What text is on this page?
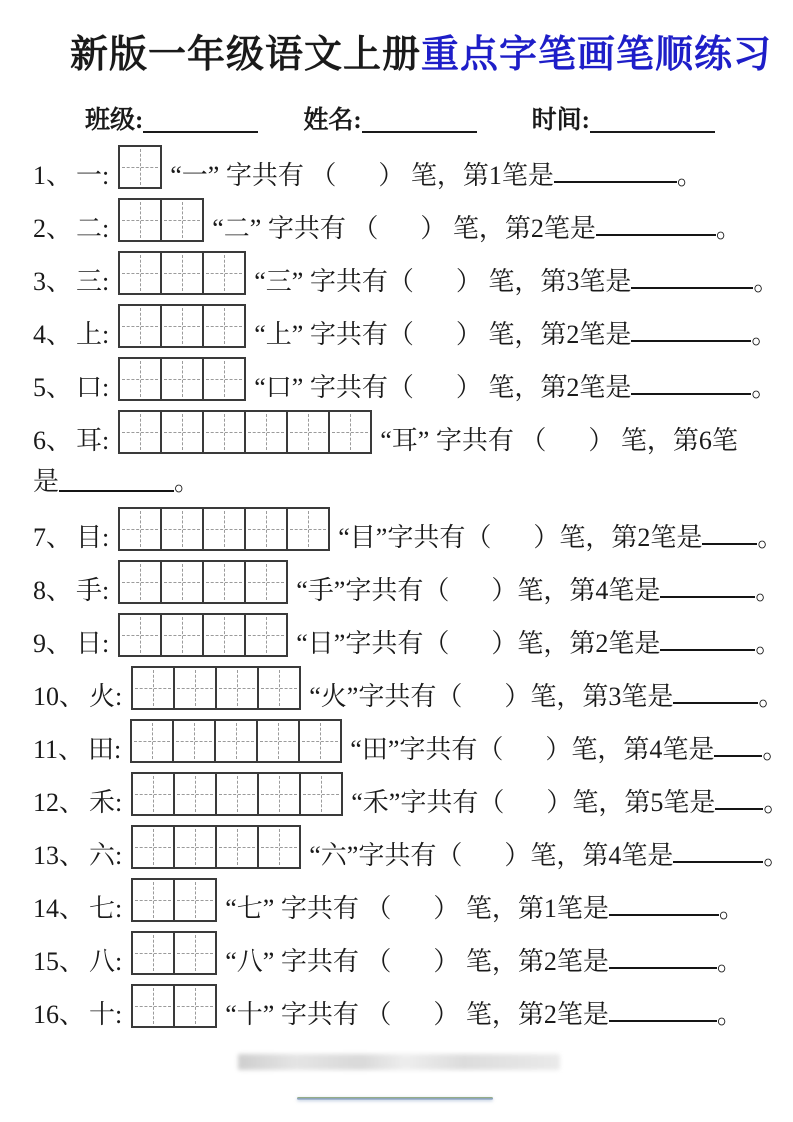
新版一年级语文上册重点字笔画笔顺练习
班级:	姓名:	时间:
1、 一: “一” 字共有 （ ） 笔，第1笔是	。
2、 二:	“二” 字共有 （ ） 笔，第2笔是	。
3、 三:	“三” 字共有 （ ） 笔，第3笔是	。
4、 上:	“上” 字共有 （ ） 笔，第2笔是	。
5、 口:	“口” 字共有 （ ） 笔，第2笔是	。
6、 耳:	“耳” 字共有 （ ） 笔，第6笔
是	。
7、 目:	“目”字共有 （ ） 笔，第2笔是 。
8、 手:	“手”字共有 （ ） 笔，第4笔是	。
9、 日:	“日”字共有 （ ） 笔，第2笔是	。
10、 火:	“火”字共有 （ ） 笔，第3笔是	。
11、 田:	“田”字共有 （ ） 笔，第4笔是 。
12、 禾:	“禾”字共有 （ ） 笔，第5笔是 。
13、 六:	“六”字共有 （ ） 笔，第4笔是	。
14、 七:	“七” 字共有 （ ） 笔，第1笔是	。
15、 八:	“八” 字共有 （ ） 笔，第2笔是	。
16、 十:	“十” 字共有 （ ） 笔，第2笔是	。
